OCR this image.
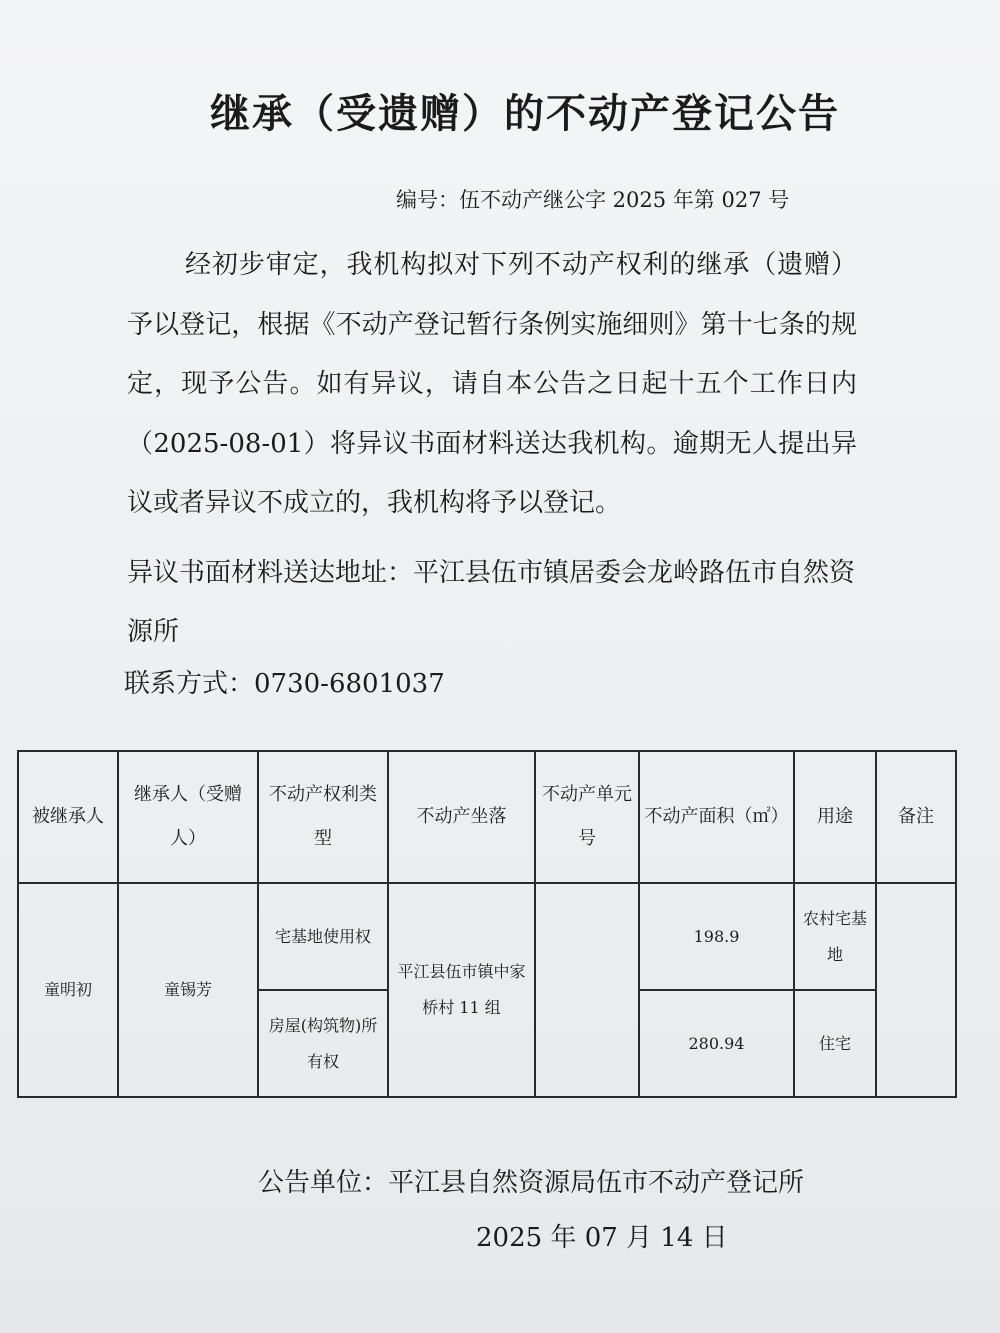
继承（受遗赠）的不动产登记公告
编号：伍不动产继公字 2025 年第 027 号

经初步审定，我机构拟对下列不动产权利的继承（遗赠）予以登记，根据《不动产登记暂行条例实施细则》第十七条的规定，现予公告。如有异议，请自本公告之日起十五个工作日内（2025-08-01）将异议书面材料送达我机构。逾期无人提出异议或者异议不成立的，我机构将予以登记。

异议书面材料送达地址：平江县伍市镇居委会龙岭路伍市自然资源所
联系方式：0730-6801037
被继承人	继承人（受赠人）	不动产权利类型	不动产坐落	不动产单元号	不动产面积（㎡）	用途	备注
童明初	童锡芳	宅基地使用权	平江县伍市镇中家桥村 11 组		198.9	农村宅基地	
		房屋(构筑物)所有权			280.94	住宅	
公告单位：平江县自然资源局伍市不动产登记所
2025 年 07 月 14 日
